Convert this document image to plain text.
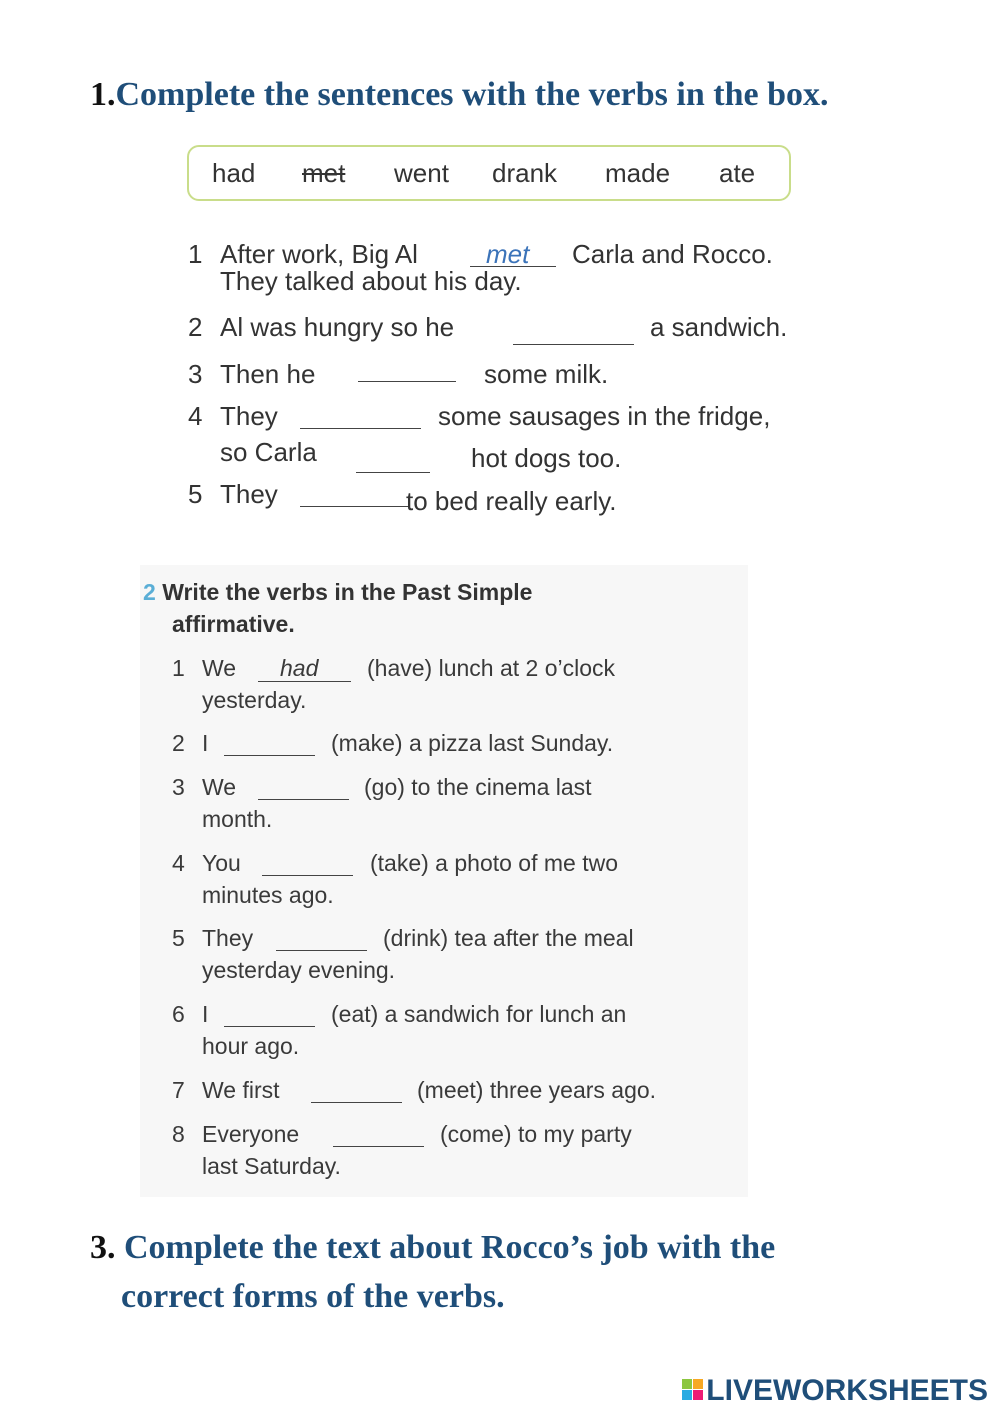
1.Complete the sentences with the verbs in the box.
had met went drank made ate
1 After work, Big Al	met Carla and Rocco.
They talked about his day.
2 Al was hungry so he	a sandwich.
3 Then he	some milk.
4 They	some sausages in the fridge,
so Carla	hot dogs too.
5 They	to bed really early.
2 Write the verbs in the Past Simple
affirmative.
1 We had (have) lunch at 2 o’clock
yesterday.
2 I	(make) a pizza last Sunday.
3 We	(go) to the cinema last
month.
4 You	(take) a photo of me two
minutes ago.
5 They	(drink) tea after the meal
yesterday evening.
6 I	(eat) a sandwich for lunch an
hour ago.
7 We first	(meet) three years ago.
8 Everyone	(come) to my party
last Saturday.
3. Complete the text about Rocco’s job with the
correct forms of the verbs.
LIVEWORKSHEETS
